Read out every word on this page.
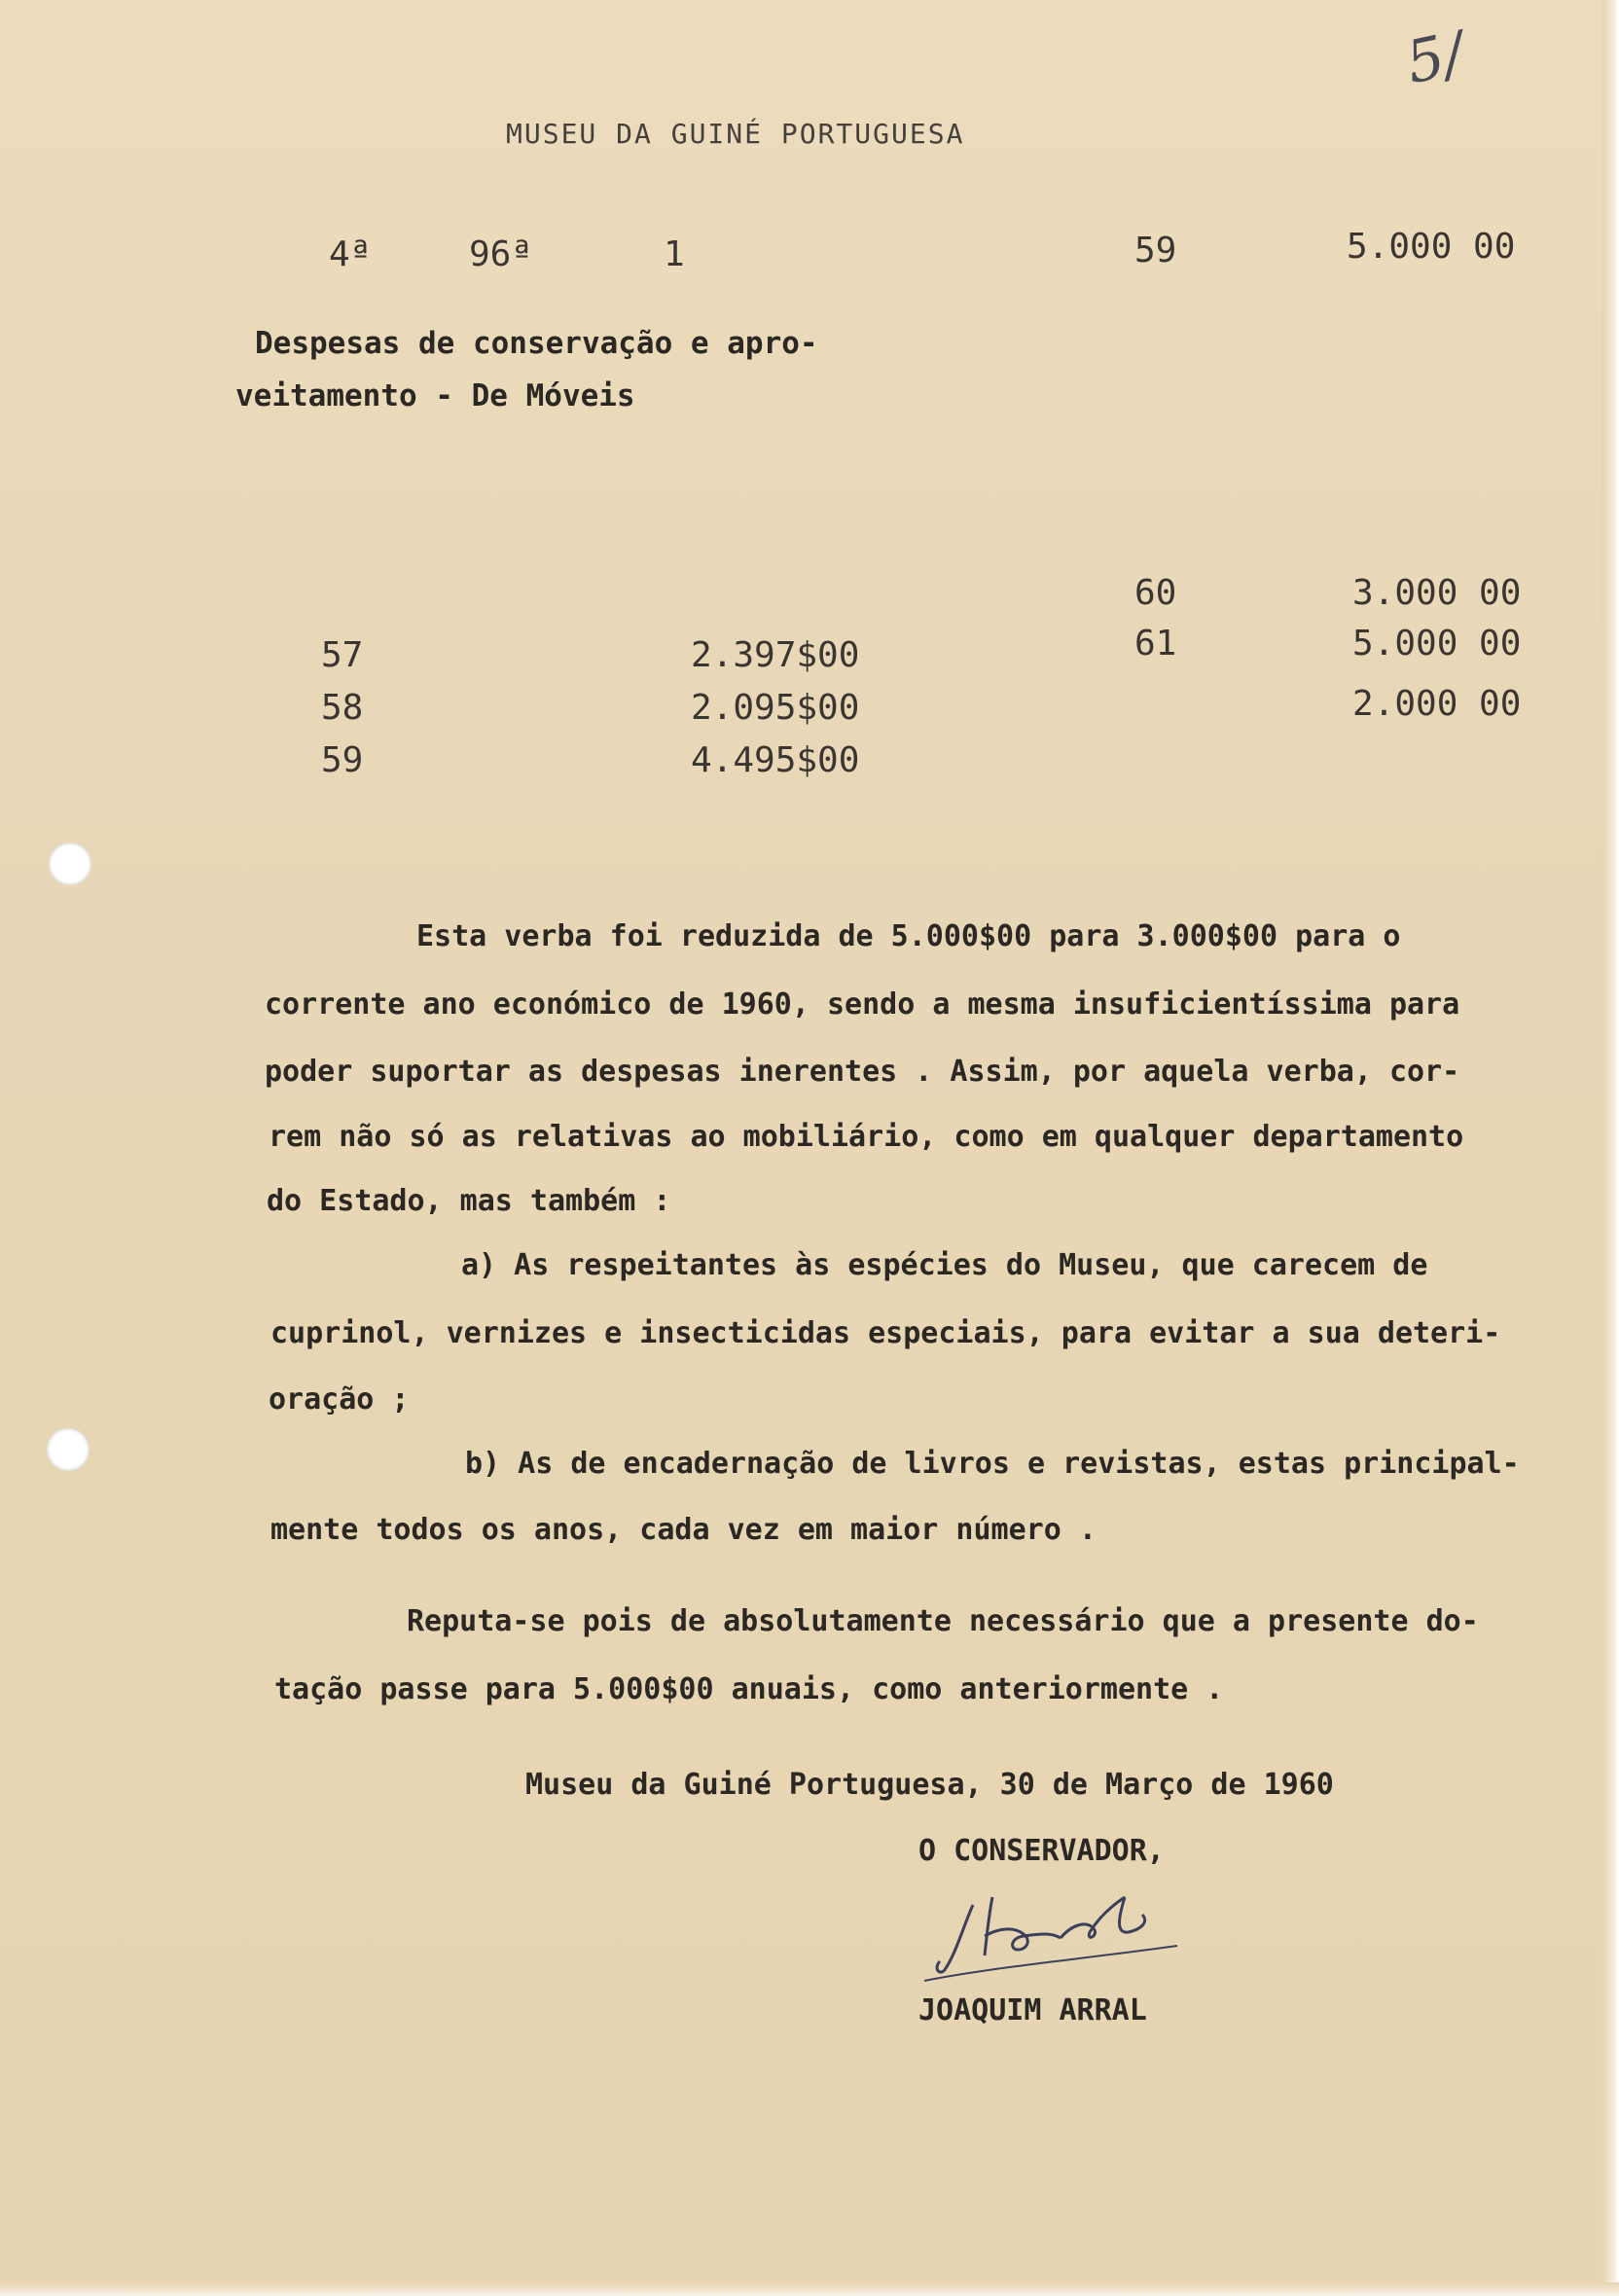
5/
MUSEU DA GUINÉ PORTUGUESA
4ª	96ª	1	59	5.000 00
Despesas de conservação e apro-
veitamento - De Móveis
57	2.397$00
58	2.095$00
59	4.495$00
60	3.000 00
61	5.000 00
2.000 00
Esta verba foi reduzida de 5.000$00 para 3.000$00 para o
corrente ano económico de 1960, sendo a mesma insuficientíssima para
poder suportar as despesas inerentes . Assim, por aquela verba, cor-
rem não só as relativas ao mobiliário, como em qualquer departamento
do Estado, mas também :
a) As respeitantes às espécies do Museu, que carecem de
cuprinol, vernizes e insecticidas especiais, para evitar a sua deteri-
oração ;
b) As de encadernação de livros e revistas, estas principal-
mente todos os anos, cada vez em maior número .
Reputa-se pois de absolutamente necessário que a presente do-
tação passe para 5.000$00 anuais, como anteriormente .
Museu da Guiné Portuguesa, 30 de Março de 1960
O CONSERVADOR,
JOAQUIM ARRAL
